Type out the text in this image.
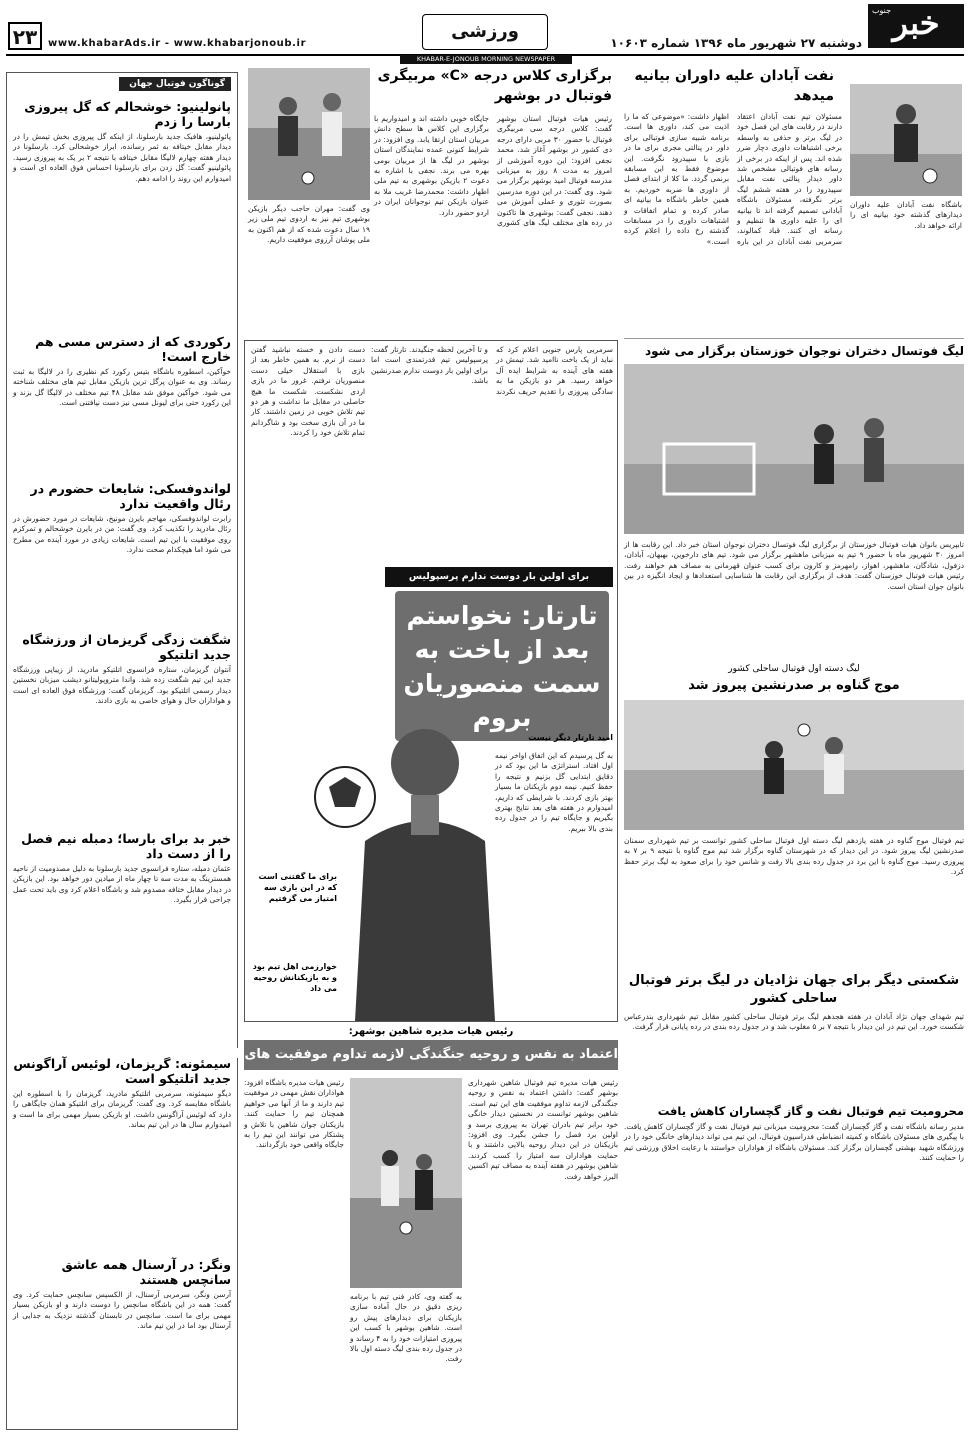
خبر
جنوب
دوشنبه ۲۷ شهریور ماه ۱۳۹۶ شماره ۱۰۶۰۳
ورزشی
www.khabarAds.ir - www.khabarjonoub.ir
۲۳
KHABAR-E-JONOUB MORNING NEWSPAPER
گوناگون فوتبال جهان
پانولینیو: خوشحالم که گل پیروزی بارسا را زدم
پائولینیو، هافبک جدید بارسلونا، از اینکه گل پیروزی بخش تیمش را در دیدار مقابل خیتافه به ثمر رسانده، ابراز خوشحالی کرد. بارسلونا در دیدار هفته چهارم لالیگا مقابل خیتافه با نتیجه ۲ بر یک به پیروزی رسید. پائولینیو گفت: گل زدن برای بارسلونا احساس فوق العاده ای است و امیدوارم این روند را ادامه دهم.
رکوردی که از دسترس مسی هم خارج است!
خوآکین، اسطوره باشگاه بتیس رکورد کم نظیری را در لالیگا به ثبت رساند. وی به عنوان پرگل ترین بازیکن مقابل تیم های مختلف شناخته می شود. خوآکین موفق شد مقابل ۴۸ تیم مختلف در لالیگا گل بزند و این رکورد حتی برای لیونل مسی نیز دست نیافتنی است.
لواندوفسکی: شایعات حضورم در رئال واقعیت ندارد
رابرت لواندوفسکی، مهاجم بایرن مونیخ، شایعات در مورد حضورش در رئال مادرید را تکذیب کرد. وی گفت: من در بایرن خوشحالم و تمرکزم روی موفقیت با این تیم است. شایعات زیادی در مورد آینده من مطرح می شود اما هیچکدام صحت ندارد.
شگفت زدگی گریزمان از ورزشگاه جدید اتلتیکو
آنتوان گریزمان، ستاره فرانسوی اتلتیکو مادرید، از زیبایی ورزشگاه جدید این تیم شگفت زده شد. واندا متروپولیتانو دیشب میزبان نخستین دیدار رسمی اتلتیکو بود. گریزمان گفت: ورزشگاه فوق العاده ای است و هواداران حال و هوای خاصی به بازی دادند.
خبر بد برای بارسا؛ دمبله نیم فصل را از دست داد
عثمان دمبله، ستاره فرانسوی جدید بارسلونا به دلیل مصدومیت از ناحیه همسترینگ به مدت سه تا چهار ماه از میادین دور خواهد بود. این بازیکن در دیدار مقابل ختافه مصدوم شد و باشگاه اعلام کرد وی باید تحت عمل جراحی قرار بگیرد.
سیمئونه: گریزمان، لوئیس آراگونس جدید اتلتیکو است
دیگو سیمئونه، سرمربی اتلتیکو مادرید، گریزمان را با اسطوره این باشگاه مقایسه کرد. وی گفت: گریزمان برای اتلتیکو همان جایگاهی را دارد که لوئیس آراگونس داشت. او بازیکن بسیار مهمی برای ما است و امیدوارم سال ها در این تیم بماند.
ونگر: در آرسنال همه عاشق سانچس هستند
آرسن ونگر، سرمربی آرسنال، از الکسیس سانچس حمایت کرد. وی گفت: همه در این باشگاه سانچس را دوست دارند و او بازیکن بسیار مهمی برای ما است. سانچس در تابستان گذشته نزدیک به جدایی از آرسنال بود اما در این تیم ماند.
برگزاری کلاس درجه «C» مربیگری فوتبال در بوشهر
رئیس هیات فوتبال استان بوشهر گفت: کلاس درجه سی مربیگری فوتبال با حضور ۳۰ مربی دارای درجه دی کشور در بوشهر آغاز شد. محمد نجفی افزود: این دوره آموزشی از امروز به مدت ۸ روز به میزبانی مدرسه فوتبال امید بوشهر برگزار می شود. وی گفت: در این دوره مدرسین بصورت تئوری و عملی آموزش می دهند. نجفی گفت: بوشهری ها تاکنون در رده های مختلف لیگ های کشوری جایگاه خوبی داشته اند و امیدواریم با برگزاری این کلاس ها سطح دانش مربیان استان ارتقا یابد. وی افزود: در شرایط کنونی عمده نمایندگان استان بوشهر در لیگ ها از مربیان بومی بهره می برند. نجفی با اشاره به دعوت ۲ بازیکن بوشهری به تیم ملی اظهار داشت: محمدرضا غریب ملا به عنوان بازیکن تیم نوجوانان ایران در اردو حضور دارد.
وی گفت: مهران حاجب دیگر بازیکن بوشهری تیم نیز به اردوی تیم ملی زیر ۱۹ سال دعوت شده که از هم اکنون به ملی پوشان آرزوی موفقیت داریم.
نفت آبادان علیه داوران بیانیه میدهد
باشگاه نفت آبادان علیه داوران دیدارهای گذشته خود بیانیه ای را ارائه خواهد داد.
مسئولان تیم نفت آبادان اعتقاد دارند در رقابت های این فصل خود در لیگ برتر و حذفی به واسطه برخی اشتباهات داوری دچار ضرر شده اند. پس از اینکه در برخی از رسانه های فوتبالی مشخص شد داور دیدار پنالتی نفت مقابل سپیدرود را در هفته ششم لیگ برتر نگرفته، مسئولان باشگاه آبادانی تصمیم گرفته اند تا بیانیه ای را علیه داوری ها تنظیم و رسانه ای کنند. قباد کمالوند، سرمربی نفت آبادان در این باره اظهار داشت: «موضوعی که ما را اذیت می کند، داوری ها است. برنامه شبیه سازی فوتبالی برای داور در پنالتی مجری برای ما در بازی با سپیدرود نگرفت. این موضوع فقط به این مسابقه برنمی گردد. ما کلا از ابتدای فصل از داوری ها ضربه خوردیم. به همین خاطر باشگاه ما بیانیه ای صادر کرده و تمام اتفاقات و اشتباهات داوری را در مسابقات گذشته رخ داده را اعلام کرده است.»
لیگ فوتسال دختران نوجوان خوزستان برگزار می شود
تابپریس بانوان هیات فوتبال خوزستان از برگزاری لیگ فوتسال دختران نوجوان استان خبر داد. این رقابت ها از امروز ۳۰ شهریور ماه با حضور ۹ تیم به میزبانی ماهشهر برگزار می شود. تیم های دارخوین، بهبهان، آبادان، دزفول، شادگان، ماهشهر، اهواز، رامهرمز و کارون برای کسب عنوان قهرمانی به مصاف هم خواهند رفت. رئیس هیات فوتبال خوزستان گفت: هدف از برگزاری این رقابت ها شناسایی استعدادها و ایجاد انگیزه در بین بانوان جوان استان است.
لیگ دسته اول فوتبال ساحلی کشور
موج گناوه بر صدرنشین پیروز شد
تیم فوتبال موج گناوه در هفته یازدهم لیگ دسته اول فوتبال ساحلی کشور توانست بر تیم شهرداری سمنان صدرنشین لیگ پیروز شود. در این دیدار که در شهرستان گناوه برگزار شد تیم موج گناوه با نتیجه ۹ بر ۷ به پیروزی رسید. موج گناوه با این برد در جدول رده بندی بالا رفت و شانس خود را برای صعود به لیگ برتر حفظ کرد.
شکستی دیگر برای جهان نژادیان در لیگ برتر فوتبال ساحلی کشور
تیم شهدای جهان نژاد آبادان در هفته هجدهم لیگ برتر فوتبال ساحلی کشور مقابل تیم شهرداری بندرعباس شکست خورد. این تیم در این دیدار با نتیجه ۷ بر ۵ مغلوب شد و در جدول رده بندی در رده پایانی قرار گرفت.
محرومیت تیم فوتبال نفت و گاز گچساران کاهش یافت
مدیر رسانه باشگاه نفت و گاز گچساران گفت: محرومیت میزبانی تیم فوتبال نفت و گاز گچساران کاهش یافت. با پیگیری های مسئولان باشگاه و کمیته انضباطی فدراسیون فوتبال، این تیم می تواند دیدارهای خانگی خود را در ورزشگاه شهید بهشتی گچساران برگزار کند. مسئولان باشگاه از هواداران خواستند با رعایت اخلاق ورزشی تیم را حمایت کنند.
دست دادن و خسته نباشید گفتن دست از نرم. به همین خاطر بعد از بازی با استقلال خیلی دست منصوریان نرفتم. غرور ما در بازی اردی نشکست. شکست ما هیچ حاصلی در مقابل ما نداشت و هر دو تیم تلاش خوبی در زمین داشتند. کار ما در آن بازی سخت بود و شاگردانم تمام تلاش خود را کردند.
سرمربی پارس جنوبی اعلام کرد که نباید از یک باخت ناامید شد. تیمش در هفته های آینده به شرایط ایده آل خواهد رسید. هر دو بازیکن ما به سادگی پیروزی را تقدیم حریف نکردند و تا آخرین لحظه جنگیدند. تارتار گفت: پرسپولیس تیم قدرتمندی است اما برای اولین بار دوست ندارم صدرنشین باشد.
برای اولین بار دوست ندارم پرسپولیس
تارتار: نخواستم بعد از باخت به سمت منصوریان بروم
به گل پرسیدم که این اتفاق اواخر نیمه اول افتاد. استراتژی ما این بود که در دقایق ابتدایی گل بزنیم و نتیجه را حفظ کنیم. نیمه دوم بازیکنان ما بسیار بهتر بازی کردند. با شرایطی که داریم، امیدوارم در هفته های بعد نتایج بهتری بگیریم و جایگاه تیم را در جدول رده بندی بالا ببریم.
برای ما گفتنی است که در این بازی سه امتیاز می گرفتیم
امید تارتار دیگر نیست
خوارزمی اهل تیم بود و به بازیکنانش روحیه می داد
رئیس هیات مدیره شاهین بوشهر:
اعتماد به نفس و روحیه جنگندگی لازمه تداوم موفقیت های این تیم است
رئیس هیات مدیره تیم فوتبال شاهین شهرداری بوشهر گفت: داشتن اعتماد به نفس و روحیه جنگندگی لازمه تداوم موفقیت های این تیم است. شاهین بوشهر توانست در نخستین دیدار خانگی خود برابر تیم بادران تهران به پیروزی برسد و اولین برد فصل را جشن بگیرد. وی افزود: بازیکنان در این دیدار روحیه بالایی داشتند و با حمایت هواداران سه امتیاز را کسب کردند. شاهین بوشهر در هفته آینده به مصاف تیم اکسین البرز خواهد رفت.
رئیس هیات مدیره باشگاه افزود: هواداران نقش مهمی در موفقیت تیم دارند و ما از آنها می خواهیم همچنان تیم را حمایت کنند. بازیکنان جوان شاهین با تلاش و پشتکار می توانند این تیم را به جایگاه واقعی خود بازگردانند.
به گفته وی، کادر فنی تیم با برنامه ریزی دقیق در حال آماده سازی بازیکنان برای دیدارهای پیش رو است. شاهین بوشهر با کسب این پیروزی امتیازات خود را به ۴ رساند و در جدول رده بندی لیگ دسته اول بالا رفت.
